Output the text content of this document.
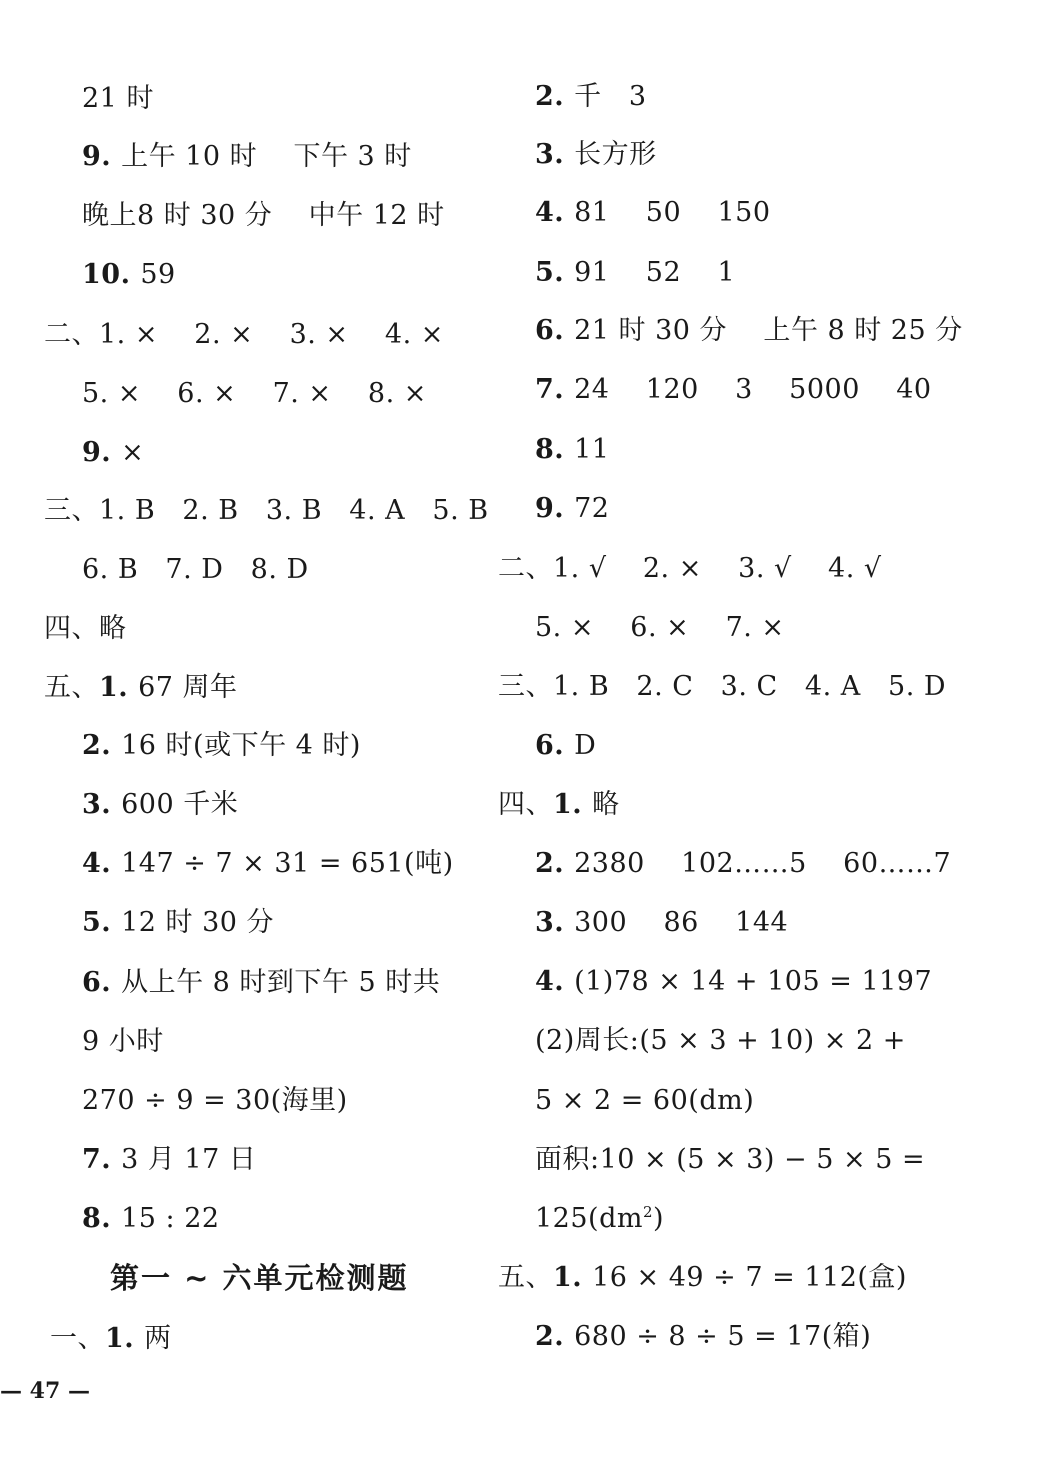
21 时
9. 上午 10 时    下午 3 时
晚上8 时 30 分    中午 12 时
10. 59
二、1. ×    2. ×    3. ×    4. ×
5. ×    6. ×    7. ×    8. ×
9. ×
三、1. B   2. B   3. B   4. A   5. B
6. B   7. D   8. D
四、略
五、1. 67 周年
2. 16 时(或下午 4 时)
3. 600 千米
4. 147 ÷ 7 × 31 = 651(吨)
5. 12 时 30 分
6. 从上午 8 时到下午 5 时共
9 小时
270 ÷ 9 = 30(海里)
7. 3 月 17 日
8. 15 : 22
第一 ~ 六单元检测题
一、1. 两
2. 千   3
3. 长方形
4. 81    50    150
5. 91    52    1
6. 21 时 30 分    上午 8 时 25 分
7. 24    120    3    5000    40
8. 11
9. 72
二、1. √    2. ×    3. √    4. √
5. ×    6. ×    7. ×
三、1. B   2. C   3. C   4. A   5. D
6. D
四、1. 略
2. 2380    102……5    60……7
3. 300    86    144
4. (1)78 × 14 + 105 = 1197
(2)周长:(5 × 3 + 10) × 2 +
5 × 2 = 60(dm)
面积:10 × (5 × 3) − 5 × 5 =
$125(dm^2)$
五、1. 16 × 49 ÷ 7 = 112(盒)
2. 680 ÷ 8 ÷ 5 = 17(箱)
— 47 —
